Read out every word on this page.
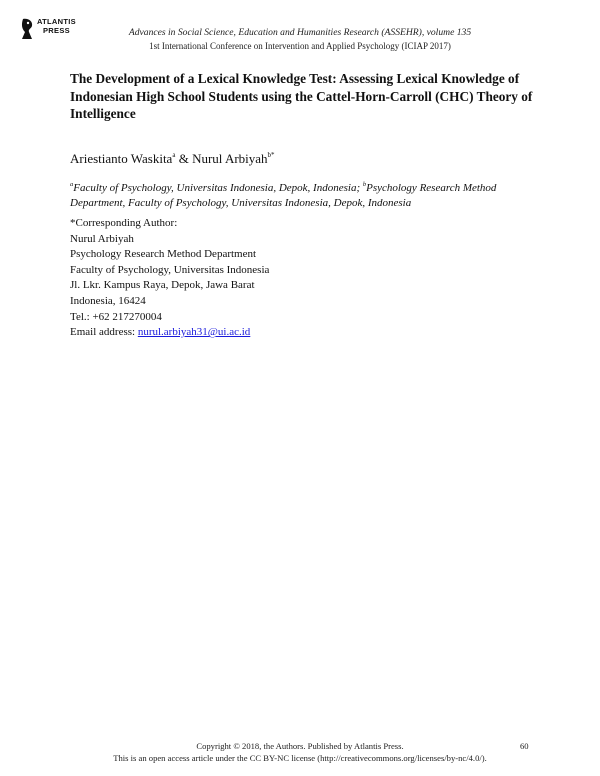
ATLANTIS
PRESS	Advances in Social Science, Education and Humanities Research (ASSEHR), volume 135
1st International Conference on Intervention and Applied Psychology (ICIAP 2017)
The Development of a Lexical Knowledge Test: Assessing Lexical Knowledge of Indonesian High School Students using the Cattel-Horn-Carroll (CHC) Theory of Intelligence
Ariestianto Waskita$^a$ & Nurul Arbiyah$^{b*}$
$^a$Faculty of Psychology, Universitas Indonesia, Depok, Indonesia; $^b$Psychology Research Method Department, Faculty of Psychology, Universitas Indonesia, Depok, Indonesia
*Corresponding Author:
Nurul Arbiyah
Psychology Research Method Department
Faculty of Psychology, Universitas Indonesia
Jl. Lkr. Kampus Raya, Depok, Jawa Barat
Indonesia, 16424
Tel.: +62 217270004
Email address: nurul.arbiyah31@ui.ac.id
Copyright © 2018, the Authors. Published by Atlantis Press.	60
This is an open access article under the CC BY-NC license (http://creativecommons.org/licenses/by-nc/4.0/).
